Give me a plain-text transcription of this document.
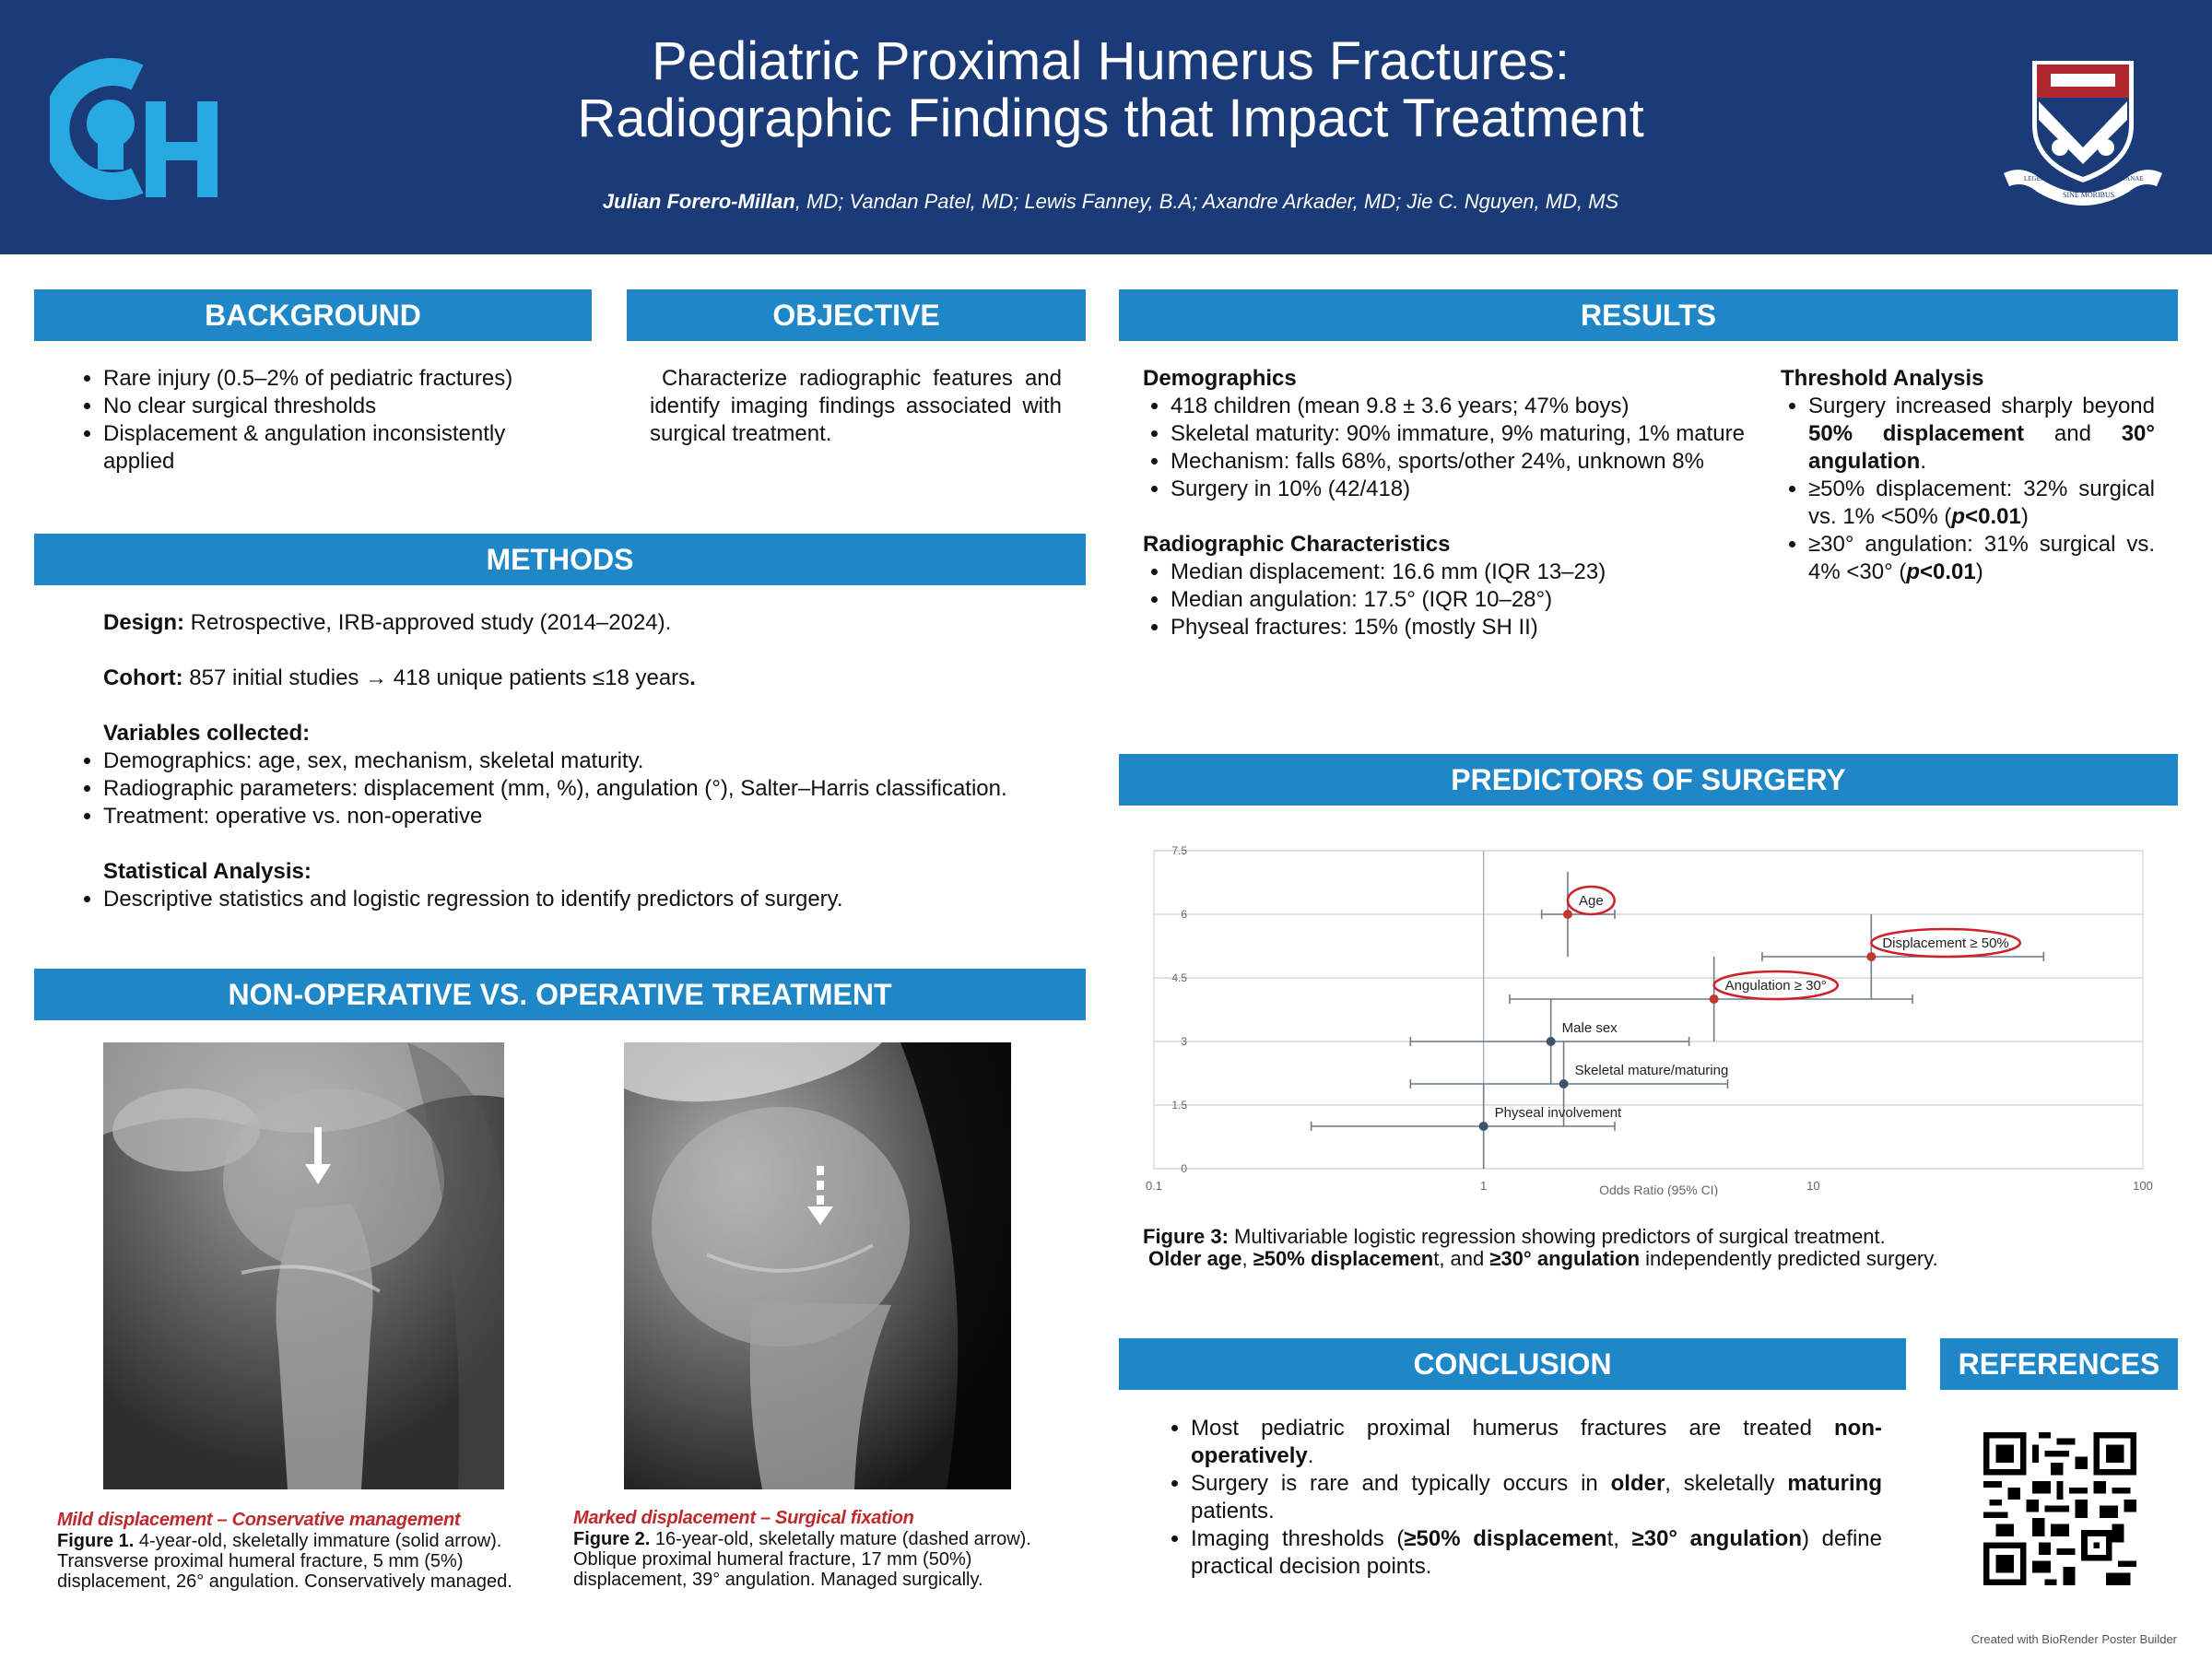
Pediatric Proximal Humerus Fractures:
Radiographic Findings that Impact Treatment
Julian Forero-Millan, MD; Vandan Patel, MD; Lewis Fanney, B.A; Axandre Arkader, MD; Jie C. Nguyen, MD, MS
LEGES
SINE MORIBUS
VANAE
BACKGROUND
• Rare injury (0.5–2% of pediatric fractures)
• No clear surgical thresholds
• Displacement & angulation inconsistently applied
OBJECTIVE
Characterize radiographic features and identify imaging findings associated with surgical treatment.
METHODS
Design: Retrospective, IRB-approved study (2014–2024).
Cohort: 857 initial studies → 418 unique patients ≤18 years.
Variables collected:
• Demographics: age, sex, mechanism, skeletal maturity.
• Radiographic parameters: displacement (mm, %), angulation (°), Salter–Harris classification.
• Treatment: operative vs. non-operative
Statistical Analysis:
• Descriptive statistics and logistic regression to identify predictors of surgery.
NON-OPERATIVE VS. OPERATIVE TREATMENT
Mild displacement – Conservative management
Figure 1. 4-year-old, skeletally immature (solid arrow). Transverse proximal humeral fracture, 5 mm (5%) displacement, 26° angulation. Conservatively managed.
Marked displacement – Surgical fixation
Figure 2. 16-year-old, skeletally mature (dashed arrow). Oblique proximal humeral fracture, 17 mm (50%) displacement, 39° angulation. Managed surgically.
RESULTS
Demographics
• 418 children (mean 9.8 ± 3.6 years; 47% boys)
• Skeletal maturity: 90% immature, 9% maturing, 1% mature
• Mechanism: falls 68%, sports/other 24%, unknown 8%
• Surgery in 10% (42/418)
Radiographic Characteristics
• Median displacement: 16.6 mm (IQR 13–23)
• Median angulation: 17.5° (IQR 10–28°)
• Physeal fractures: 15% (mostly SH II)
Threshold Analysis
• Surgery increased sharply beyond 50% displacement and 30° angulation.
• ≥50% displacement: 32% surgical vs. 1% <50% (p<0.01)
• ≥30° angulation: 31% surgical vs. 4% <30° (p<0.01)
PREDICTORS OF SURGERY
0
1.5
3
4.5
6
7.5
0.1	1	10	100
Age
Displacement ≥ 50%
Angulation ≥ 30°
Male sex
Skeletal mature/maturing
Physeal involvement
Odds Ratio (95% CI)
Figure 3: Multivariable logistic regression showing predictors of surgical treatment.
Older age, ≥50% displacement, and ≥30° angulation independently predicted surgery.
CONCLUSION
• Most pediatric proximal humerus fractures are treated non-operatively.
• Surgery is rare and typically occurs in older, skeletally maturing patients.
• Imaging thresholds (≥50% displacement, ≥30° angulation) define practical decision points.
REFERENCES
Created with BioRender Poster Builder
